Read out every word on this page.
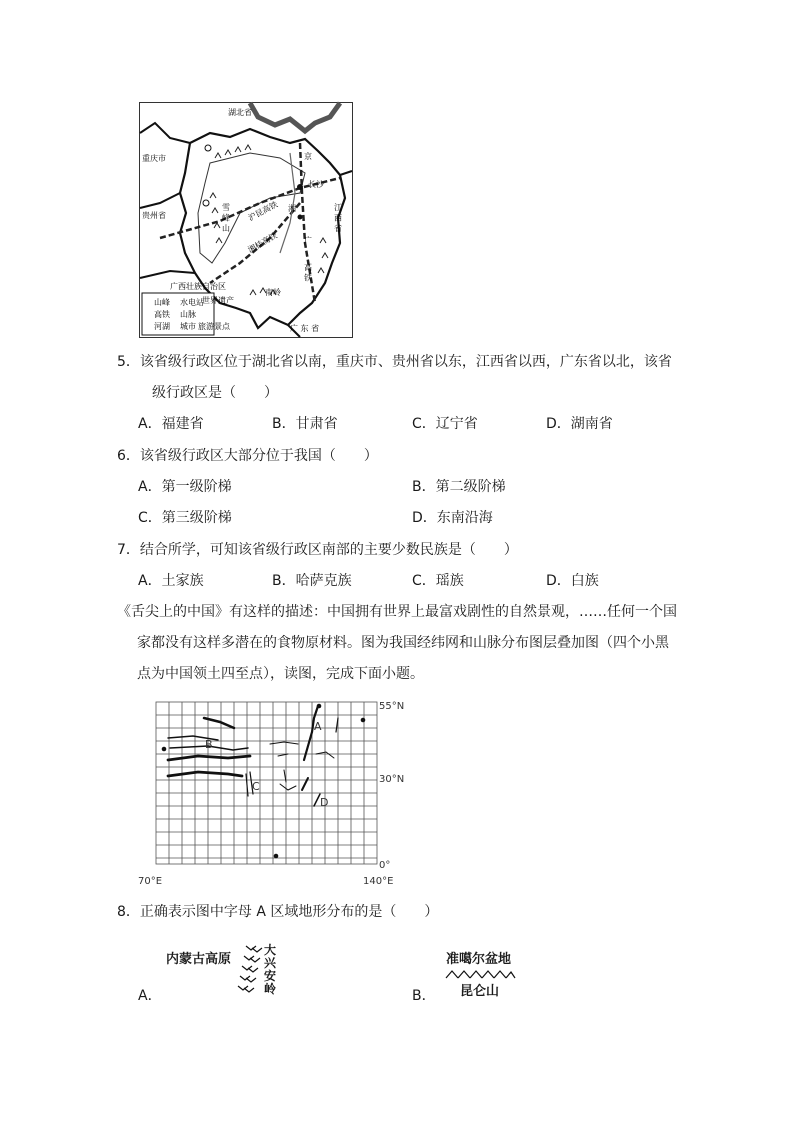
山峰 水电站
世界遗产
高铁 山脉
旅游景点
河湖 城市
湖北省
重庆市
贵州省
广西壮族自治区
广 东 省
江 西 省
长沙
南岭
雪 峰 山
京
广
高 铁
湘
沪昆高铁
湘桂高铁
5．该省级行政区位于湖北省以南，重庆市、贵州省以东，江西省以西，广东省以北，该省
级行政区是（　　）
A．福建省	B．甘肃省	C．辽宁省	D．湖南省
6．该省级行政区大部分位于我国（　　）
A．第一级阶梯	B．第二级阶梯
C．第三级阶梯	D．东南沿海
7．结合所学，可知该省级行政区南部的主要少数民族是（　　）
A．土家族	B．哈萨克族	C．瑶族	D．白族
《舌尖上的中国》有这样的描述：中国拥有世界上最富戏剧性的自然景观，……任何一个国
家都没有这样多潜在的食物原材料。图为我国经纬网和山脉分布图层叠加图（四个小黑
点为中国领土四至点），读图，完成下面小题。
A
B
C
D
55°N
30°N
0°
70°E	140°E
8．正确表示图中字母 A 区域地形分布的是（　　）
内蒙古高原
大兴安岭
A．
准噶尔盆地
昆仑山
B．
